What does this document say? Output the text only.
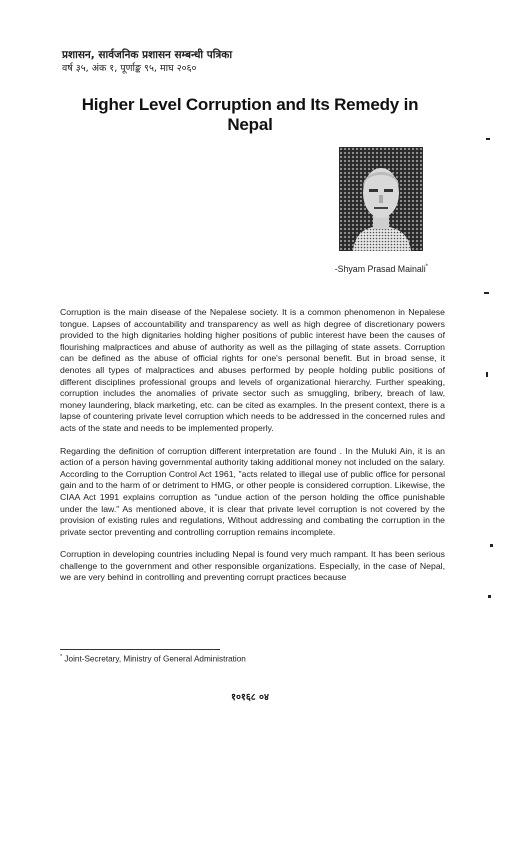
प्रशासन, सार्वजनिक प्रशासन सम्बन्धी पत्रिका
वर्ष ३५, अंक १, पूर्णाङ्क ९५, माघ २०६०
Higher Level Corruption and Its Remedy in
Nepal
-Shyam Prasad Mainali*

Corruption is the main disease of the Nepalese society. It is a common phenomenon in Nepalese tongue. Lapses of accountability and transparency as well as high degree of discretionary powers provided to the high dignitaries holding higher positions of public interest have been the causes of flourishing malpractices and abuse of authority as well as the pillaging of state assets. Corruption can be defined as the abuse of official rights for one's personal benefit. But in broad sense, it denotes all types of malpractices and abuses performed by people holding public positions of different disciplines professional groups and levels of organizational hierarchy. Further speaking, corruption includes the anomalies of private sector such as smuggling, bribery, breach of law, money laundering, black marketing, etc. can be cited as examples. In the present context, there is a lapse of countering private level corruption which needs to be addressed in the concerned rules and acts of the state and needs to be implemented properly.

Regarding the definition of corruption different interpretation are found . In the Muluki Ain, it is an action of a person having governmental authority taking additional money not included on the salary. According to the Corruption Control Act 1961, "acts related to illegal use of public office for personal gain and to the harm of or detriment to HMG, or other people is considered corruption. Likewise, the CIAA Act 1991 explains corruption as "undue action of the person holding the office punishable under the law." As mentioned above, it is clear that private level corruption is not covered by the provision of existing rules and regulations, Without addressing and combating the corruption in the private sector preventing and controlling corruption remains incomplete.

Corruption in developing countries including Nepal is found very much rampant. It has been serious challenge to the government and other responsible organizations. Especially, in the case of Nepal, we are very behind in controlling and preventing corrupt practices because

* Joint-Secretary, Ministry of General Administration
१०१६८ ०४
